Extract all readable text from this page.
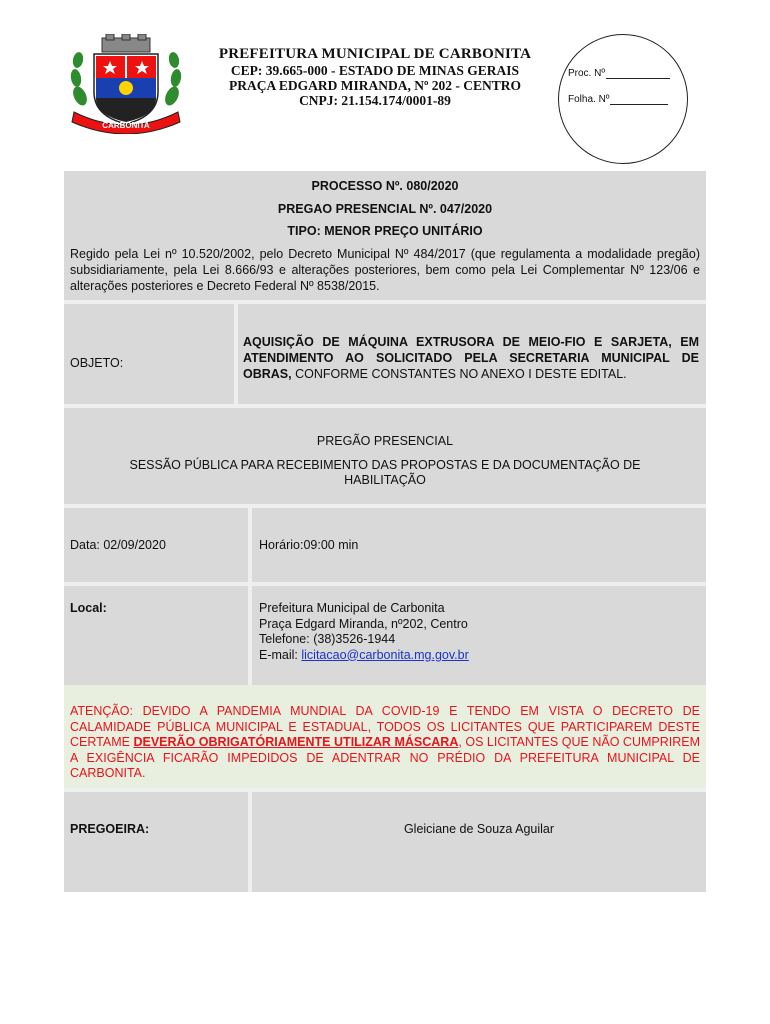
CARBONITA
PREFEITURA MUNICIPAL DE CARBONITA
CEP: 39.665-000 - ESTADO DE MINAS GERAIS
PRAÇA EDGARD MIRANDA, Nº 202 - CENTRO
CNPJ: 21.154.174/0001-89
Proc. Nº
Folha. Nº
PROCESSO Nº. 080/2020
PREGAO PRESENCIAL Nº. 047/2020
TIPO: MENOR PREÇO UNITÁRIO
Regido pela Lei nº 10.520/2002, pelo Decreto Municipal Nº 484/2017 (que regulamenta a modalidade pregão) subsidiariamente, pela Lei 8.666/93 e alterações posteriores, bem como pela Lei Complementar Nº 123/06 e alterações posteriores e Decreto Federal Nº 8538/2015.
OBJETO:
AQUISIÇÃO DE MÁQUINA EXTRUSORA DE MEIO-FIO E SARJETA, EM ATENDIMENTO AO SOLICITADO PELA SECRETARIA MUNICIPAL DE OBRAS, CONFORME CONSTANTES NO ANEXO I DESTE EDITAL.
PREGÃO PRESENCIAL
SESSÃO PÚBLICA PARA RECEBIMENTO DAS PROPOSTAS E DA DOCUMENTAÇÃO DE
HABILITAÇÃO
Data: 02/09/2020	Horário:09:00 min
Local:	Prefeitura Municipal de Carbonita
Praça Edgard Miranda, nº202, Centro
Telefone: (38)3526-1944
E-mail: licitacao@carbonita.mg.gov.br
ATENÇÃO: DEVIDO A PANDEMIA MUNDIAL DA COVID-19 E TENDO EM VISTA O DECRETO DE CALAMIDADE PÚBLICA MUNICIPAL E ESTADUAL, TODOS OS LICITANTES QUE PARTICIPAREM DESTE CERTAME DEVERÃO OBRIGATÓRIAMENTE UTILIZAR MÁSCARA, OS LICITANTES QUE NÃO CUMPRIREM A EXIGÊNCIA FICARÃO IMPEDIDOS DE ADENTRAR NO PRÉDIO DA PREFEITURA MUNICIPAL DE CARBONITA.
PREGOEIRA:	Gleiciane de Souza Aguilar
